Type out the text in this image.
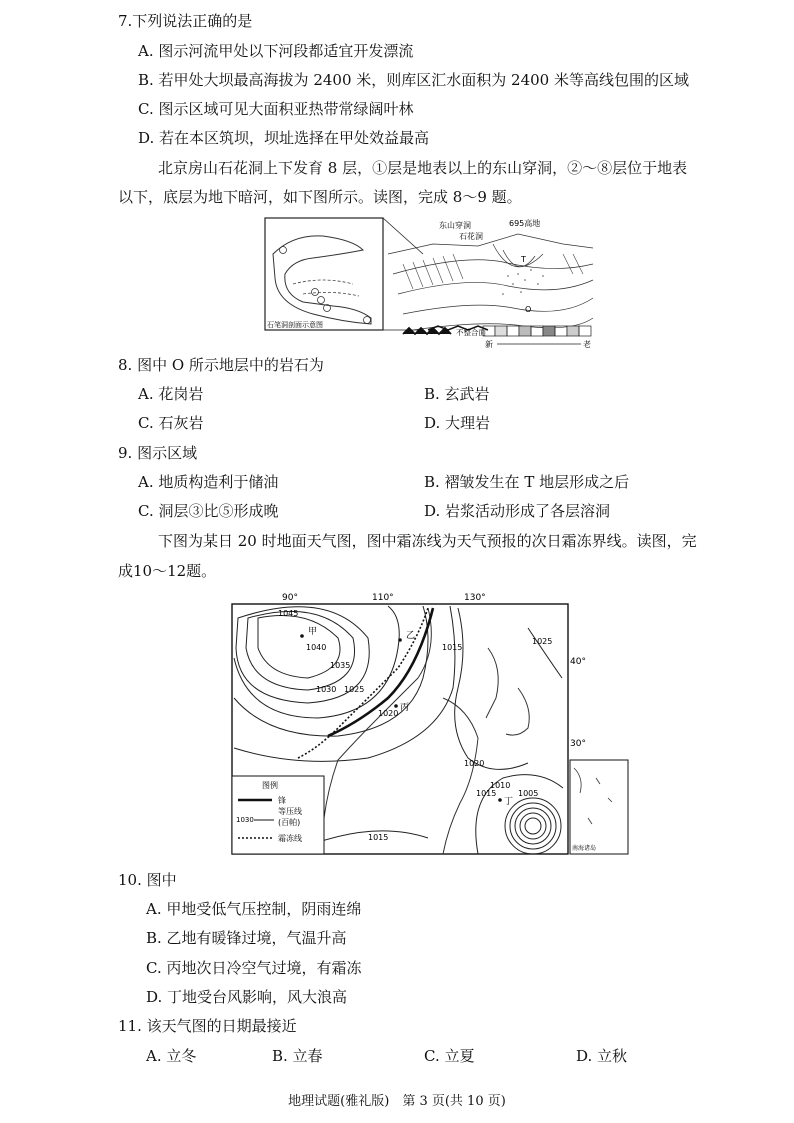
7.下列说法正确的是
A. 图示河流甲处以下河段都适宜开发漂流
B. 若甲处大坝最高海拔为 2400 米，则库区汇水面积为 2400 米等高线包围的区域
C. 图示区域可见大面积亚热带常绿阔叶林
D. 若在本区筑坝，坝址选择在甲处效益最高
北京房山石花洞上下发育 8 层，①层是地表以上的东山穿洞，②～⑧层位于地表
以下，底层为地下暗河，如下图所示。读图，完成 8～9 题。
石笔洞剖面示意图
东山穿洞
石花洞
695高地
T
O
不整合面
新	老
8. 图中 O 所示地层中的岩石为
A. 花岗岩	B. 玄武岩
C. 石灰岩	D. 大理岩
9. 图示区域
A. 地质构造利于储油	B. 褶皱发生在 T 地层形成之后
C. 洞层③比⑤形成晚	D. 岩浆活动形成了各层溶洞
下图为某日 20 时地面天气图，图中霜冻线为天气预报的次日霜冻界线。读图，完
成10～12题。
90°	110°	130°
40°
30°
1045
1040
1035
1030 1025
1020
1015
1025
1020
1015
1010
1005
1015
甲	乙
丙
丁
图例
锋
等压线
1030	(百帕)
霜冻线
南海诸岛
10. 图中
A. 甲地受低气压控制，阴雨连绵
B. 乙地有暖锋过境，气温升高
C. 丙地次日冷空气过境，有霜冻
D. 丁地受台风影响，风大浪高
11. 该天气图的日期最接近
A. 立冬	B. 立春	C. 立夏	D. 立秋
地理试题(雅礼版)　第 3 页(共 10 页)
